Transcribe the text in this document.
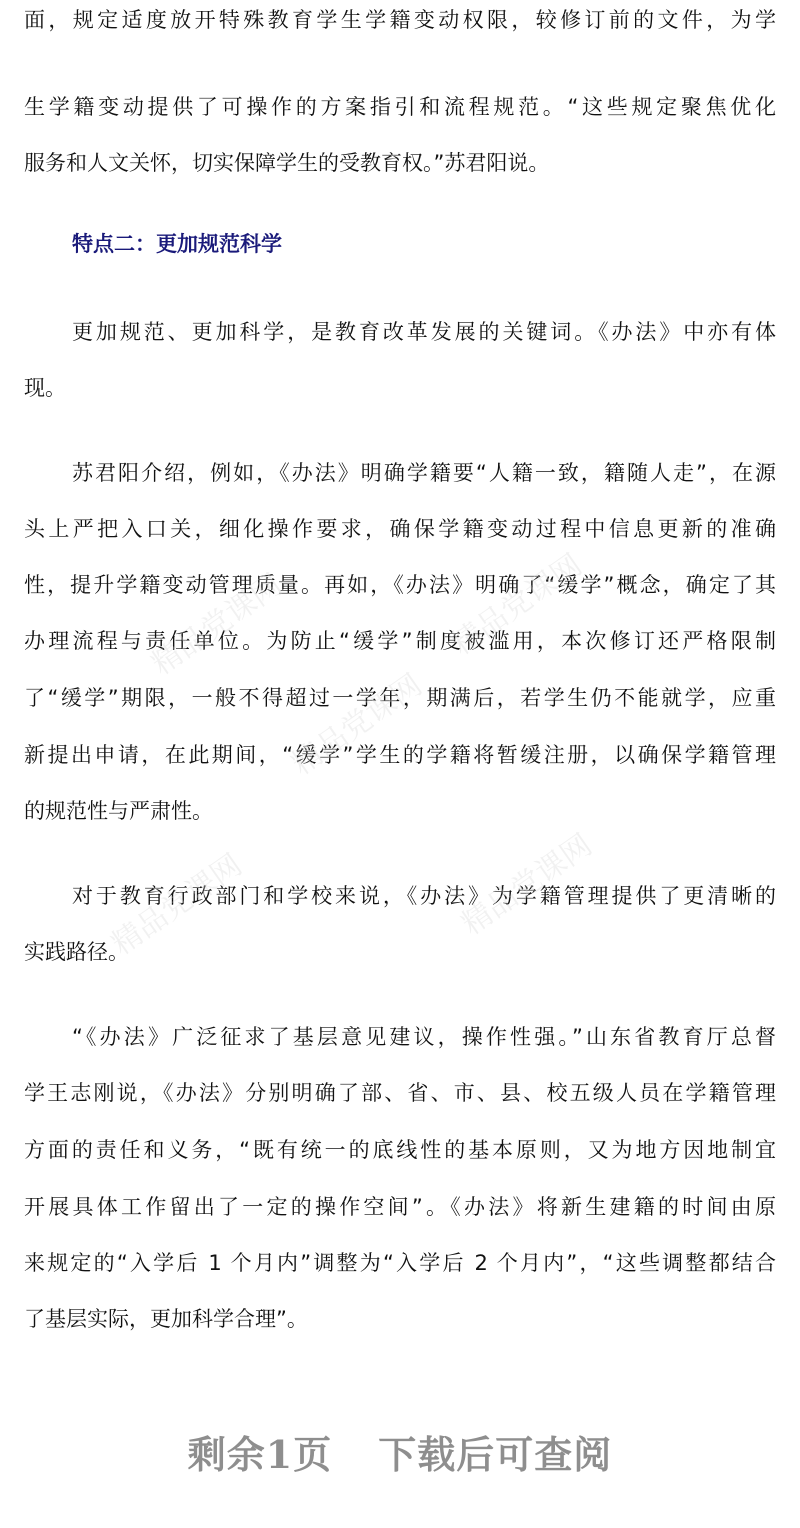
面，规定适度放开特殊教育学生学籍变动权限，较修订前的文件，为学
生学籍变动提供了可操作的方案指引和流程规范。“这些规定聚焦优化
服务和人文关怀，切实保障学生的受教育权。”苏君阳说。
特点二：更加规范科学
更加规范、更加科学，是教育改革发展的关键词。《办法》中亦有体
现。
苏君阳介绍，例如，《办法》明确学籍要“人籍一致，籍随人走”，在源
头上严把入口关，细化操作要求，确保学籍变动过程中信息更新的准确
性，提升学籍变动管理质量。再如，《办法》明确了“缓学”概念，确定了其
办理流程与责任单位。为防止“缓学”制度被滥用，本次修订还严格限制
了“缓学”期限，一般不得超过一学年，期满后，若学生仍不能就学，应重
新提出申请，在此期间，“缓学”学生的学籍将暂缓注册，以确保学籍管理
的规范性与严肃性。
对于教育行政部门和学校来说，《办法》为学籍管理提供了更清晰的
实践路径。
“《办法》广泛征求了基层意见建议，操作性强。”山东省教育厅总督
学王志刚说，《办法》分别明确了部、省、市、县、校五级人员在学籍管理
方面的责任和义务，“既有统一的底线性的基本原则，又为地方因地制宜
开展具体工作留出了一定的操作空间”。《办法》将新生建籍的时间由原
来规定的“入学后 1 个月内”调整为“入学后 2 个月内”，“这些调整都结合
了基层实际，更加科学合理”。
精品党课网
精品党课网
精品党课网
精品党课网	精品党课网
剩余1页 下载后可查阅
